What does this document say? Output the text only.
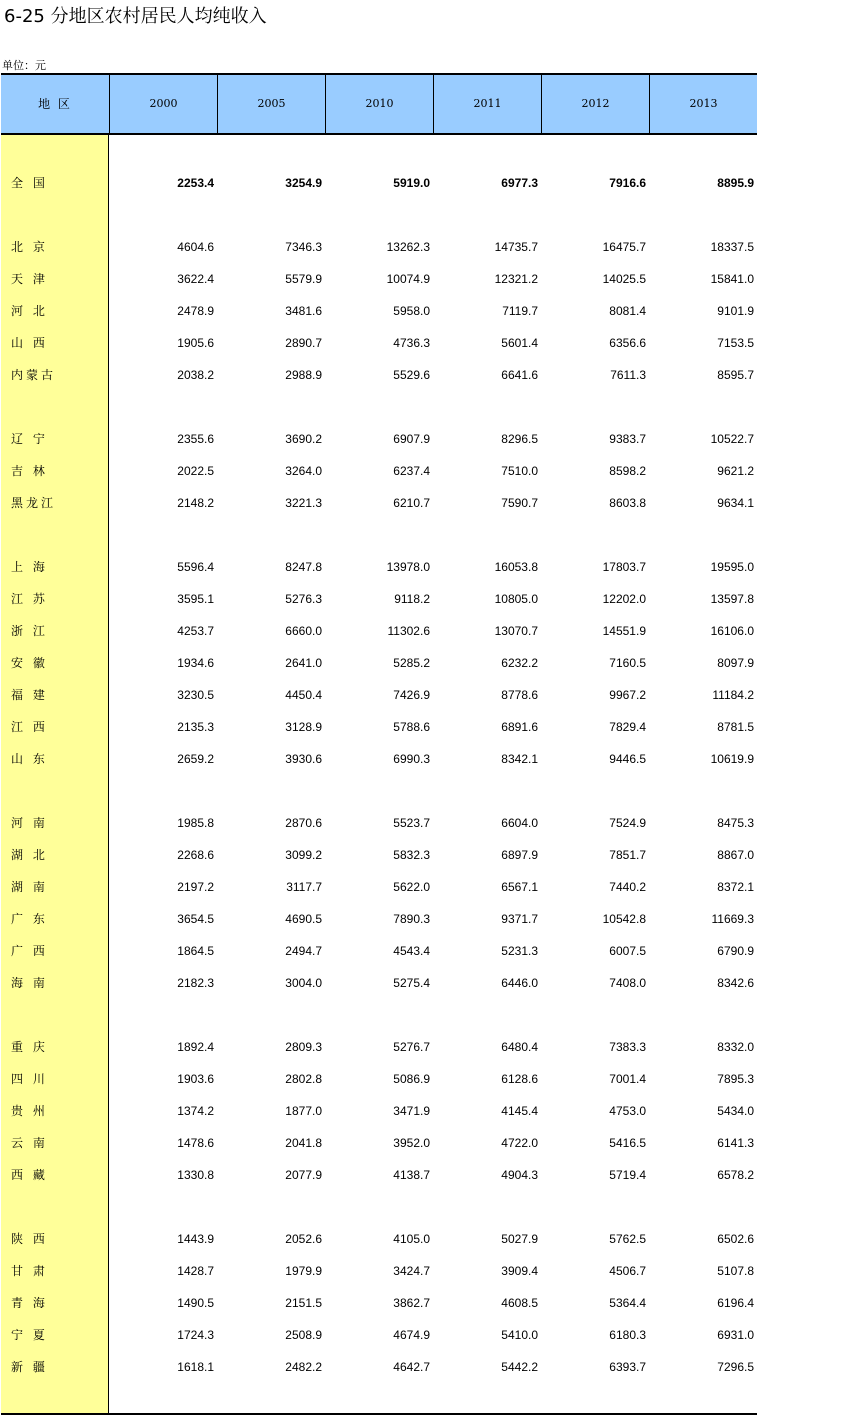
6-25 分地区农村居民人均纯收入
单位：元
地 区	2000	2005	2010	2011	2012	2013
全 国	2253.4	3254.9	5919.0	6977.3	7916.6	8895.9
北 京	4604.6	7346.3	13262.3	14735.7	16475.7	18337.5
天 津	3622.4	5579.9	10074.9	12321.2	14025.5	15841.0
河 北	2478.9	3481.6	5958.0	7119.7	8081.4	9101.9
山 西	1905.6	2890.7	4736.3	5601.4	6356.6	7153.5
内蒙古	2038.2	2988.9	5529.6	6641.6	7611.3	8595.7
辽 宁	2355.6	3690.2	6907.9	8296.5	9383.7	10522.7
吉 林	2022.5	3264.0	6237.4	7510.0	8598.2	9621.2
黑龙江	2148.2	3221.3	6210.7	7590.7	8603.8	9634.1
上 海	5596.4	8247.8	13978.0	16053.8	17803.7	19595.0
江 苏	3595.1	5276.3	9118.2	10805.0	12202.0	13597.8
浙 江	4253.7	6660.0	11302.6	13070.7	14551.9	16106.0
安 徽	1934.6	2641.0	5285.2	6232.2	7160.5	8097.9
福 建	3230.5	4450.4	7426.9	8778.6	9967.2	11184.2
江 西	2135.3	3128.9	5788.6	6891.6	7829.4	8781.5
山 东	2659.2	3930.6	6990.3	8342.1	9446.5	10619.9
河 南	1985.8	2870.6	5523.7	6604.0	7524.9	8475.3
湖 北	2268.6	3099.2	5832.3	6897.9	7851.7	8867.0
湖 南	2197.2	3117.7	5622.0	6567.1	7440.2	8372.1
广 东	3654.5	4690.5	7890.3	9371.7	10542.8	11669.3
广 西	1864.5	2494.7	4543.4	5231.3	6007.5	6790.9
海 南	2182.3	3004.0	5275.4	6446.0	7408.0	8342.6
重 庆	1892.4	2809.3	5276.7	6480.4	7383.3	8332.0
四 川	1903.6	2802.8	5086.9	6128.6	7001.4	7895.3
贵 州	1374.2	1877.0	3471.9	4145.4	4753.0	5434.0
云 南	1478.6	2041.8	3952.0	4722.0	5416.5	6141.3
西 藏	1330.8	2077.9	4138.7	4904.3	5719.4	6578.2
陕 西	1443.9	2052.6	4105.0	5027.9	5762.5	6502.6
甘 肃	1428.7	1979.9	3424.7	3909.4	4506.7	5107.8
青 海	1490.5	2151.5	3862.7	4608.5	5364.4	6196.4
宁 夏	1724.3	2508.9	4674.9	5410.0	6180.3	6931.0
新 疆	1618.1	2482.2	4642.7	5442.2	6393.7	7296.5
